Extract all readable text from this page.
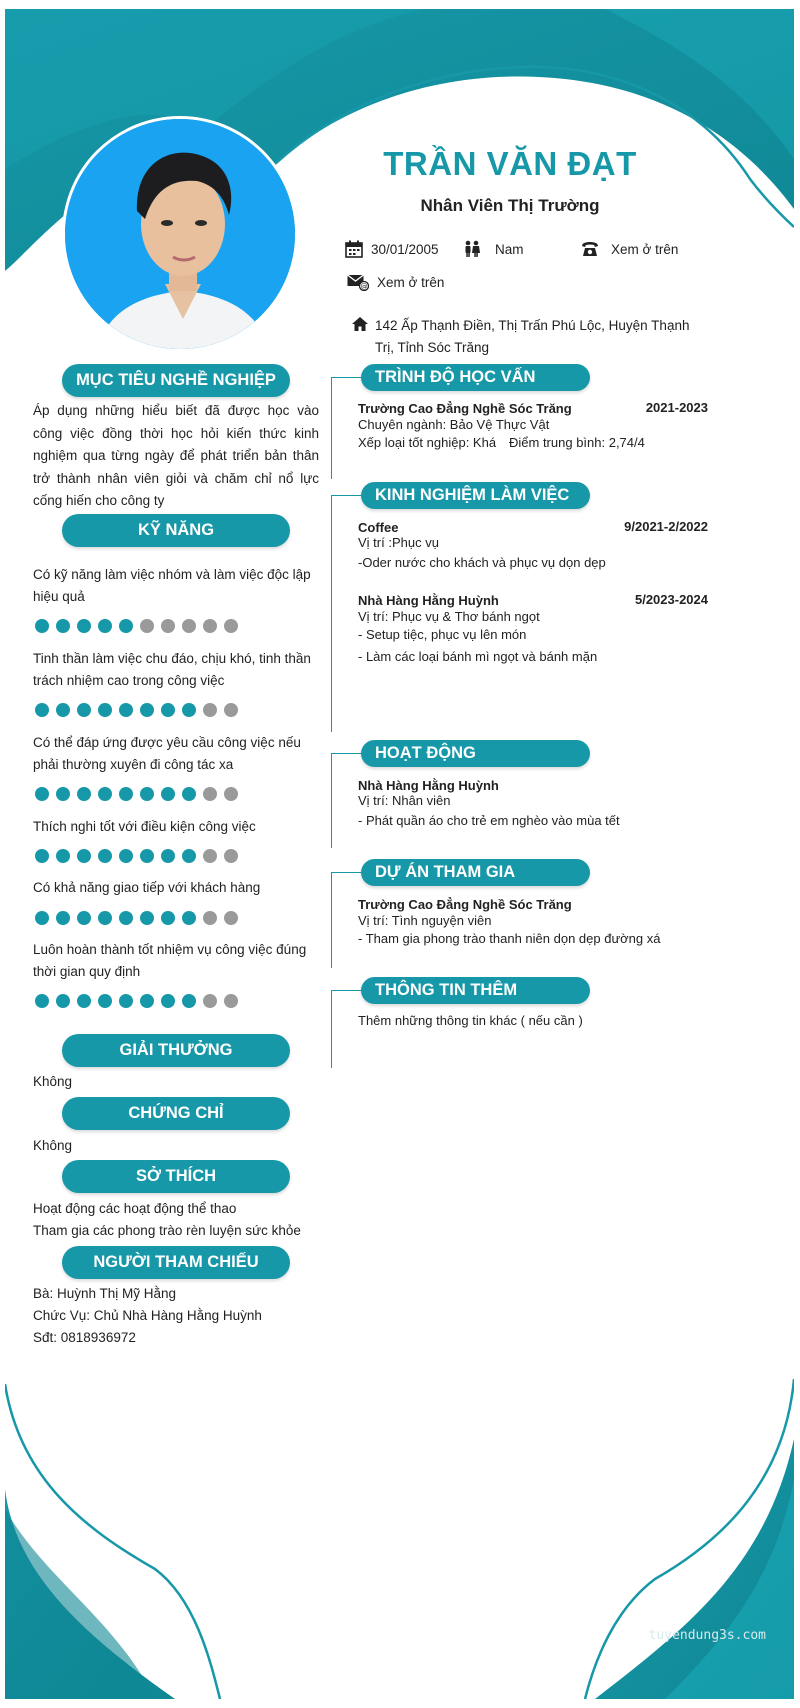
TRẦN VĂN ĐẠT
Nhân Viên Thị Trường
30/01/2005	Nam	Xem ở trên
@ Xem ở trên
142 Ấp Thạnh Điền, Thị Trấn Phú Lộc, Huyện Thạnh Trị, Tỉnh Sóc Trăng
MỤC TIÊU NGHỀ NGHIỆP
Áp dụng những hiểu biết đã được học vào công việc đồng thời học hỏi kiến thức kinh nghiệm qua từng ngày để phát triển bản thân trở thành nhân viên giỏi và chăm chỉ nổ lực cống hiến cho công ty
KỸ NĂNG
Có kỹ năng làm việc nhóm và làm việc độc lập hiệu quả
Tinh thần làm việc chu đáo, chịu khó, tinh thần trách nhiệm cao trong công việc
Có thể đáp ứng được yêu cầu công việc nếu phải thường xuyên đi công tác xa
Thích nghi tốt với điều kiện công việc
Có khả năng giao tiếp với khách hàng
Luôn hoàn thành tốt nhiệm vụ công việc đúng thời gian quy định
GIẢI THƯỞNG
Không
CHỨNG CHỈ
Không
SỞ THÍCH
Hoạt động các hoạt động thể thao
Tham gia các phong trào rèn luyện sức khỏe
NGƯỜI THAM CHIẾU
Bà: Huỳnh Thị Mỹ Hằng
Chức Vụ: Chủ Nhà Hàng Hằng Huỳnh
Sđt: 0818936972
TRÌNH ĐỘ HỌC VẤN
Trường Cao Đẳng Nghề Sóc Trăng	2021-2023
Chuyên ngành: Bảo Vệ Thực Vật
Xếp loại tốt nghiệp: Khá Điểm trung bình: 2,74/4
KINH NGHIỆM LÀM VIỆC
Coffee	9/2021-2/2022
Vị trí :Phục vụ
-Oder nước cho khách và phục vụ dọn dẹp
Nhà Hàng Hằng Huỳnh	5/2023-2024
Vị trí: Phục vụ & Thơ bánh ngọt
- Setup tiệc, phục vụ lên món
- Làm các loại bánh mì ngọt và bánh mặn
HOẠT ĐỘNG
Nhà Hàng Hằng Huỳnh
Vị trí: Nhân viên
- Phát quần áo cho trẻ em nghèo vào mùa tết
DỰ ÁN THAM GIA
Trường Cao Đẳng Nghề Sóc Trăng
Vị trí: Tình nguyện viên
- Tham gia phong trào thanh niên dọn dẹp đường xá
THÔNG TIN THÊM
Thêm những thông tin khác ( nếu cần )
tuyendung3s.com
